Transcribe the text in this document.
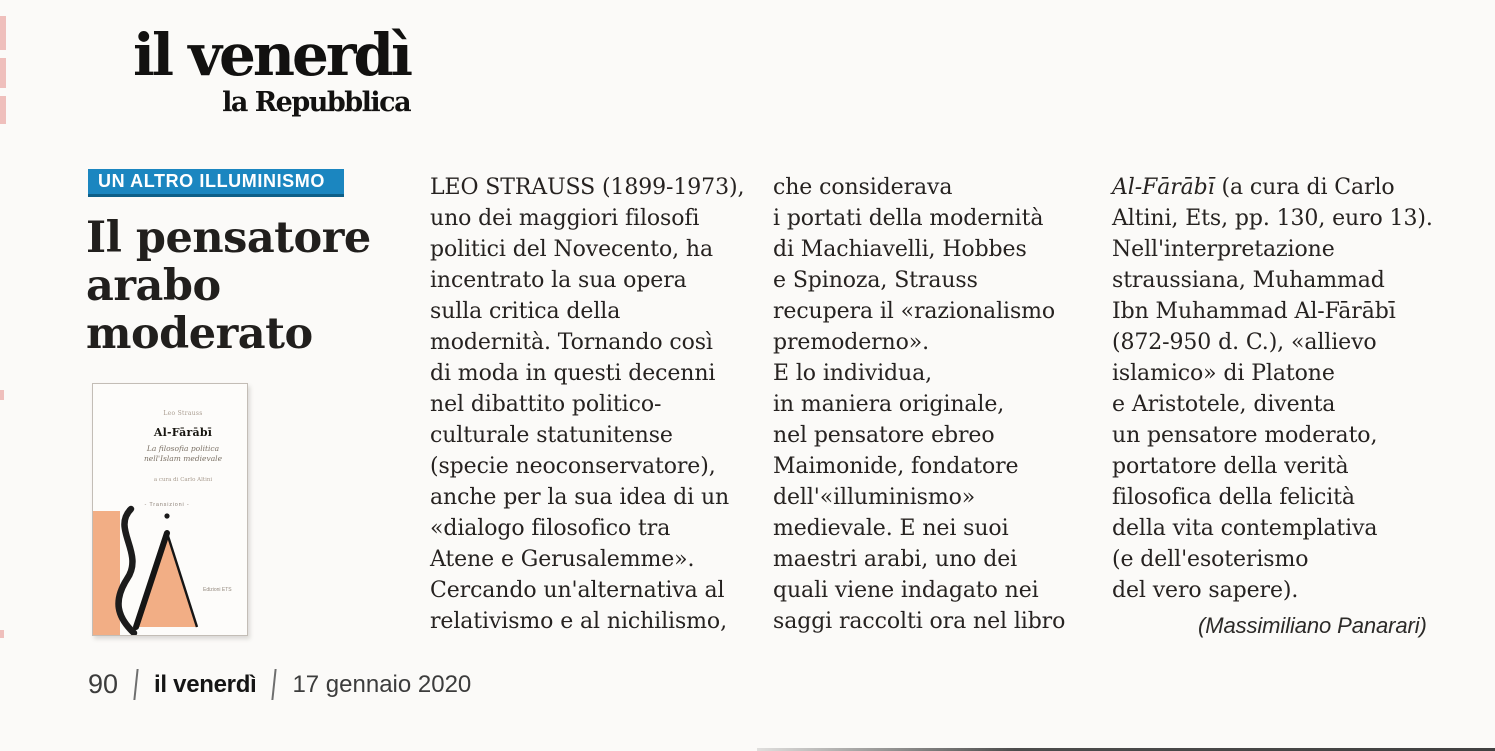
il venerdì
la Repubblica
UN ALTRO ILLUMINISMO
Il pensatore
arabo
moderato
Leo Strauss
Al-Fārābī
La filosofia politica
nell'Islam medievale
a cura di Carlo Altini
- Transizioni -
Edizioni ETS
LEO STRAUSS (1899-1973),
uno dei maggiori filosofi
politici del Novecento, ha
incentrato la sua opera
sulla critica della
modernità. Tornando così
di moda in questi decenni
nel dibattito politico-
culturale statunitense
(specie neoconservatore),
anche per la sua idea di un
«dialogo filosofico tra
Atene e Gerusalemme».
Cercando un'alternativa al
relativismo e al nichilismo,
che considerava
i portati della modernità
di Machiavelli, Hobbes
e Spinoza, Strauss
recupera il «razionalismo
premoderno».
E lo individua,
in maniera originale,
nel pensatore ebreo
Maimonide, fondatore
dell'«illuminismo»
medievale. E nei suoi
maestri arabi, uno dei
quali viene indagato nei
saggi raccolti ora nel libro
Al-Fārābī (a cura di Carlo
Altini, Ets, pp. 130, euro 13).
Nell'interpretazione
straussiana, Muhammad
Ibn Muhammad Al-Fārābī
(872-950 d. C.), «allievo
islamico» di Platone
e Aristotele, diventa
un pensatore moderato,
portatore della verità
filosofica della felicità
della vita contemplativa
(e dell'esoterismo
del vero sapere).
(Massimiliano Panarari)
90 il venerdì 17 gennaio 2020
